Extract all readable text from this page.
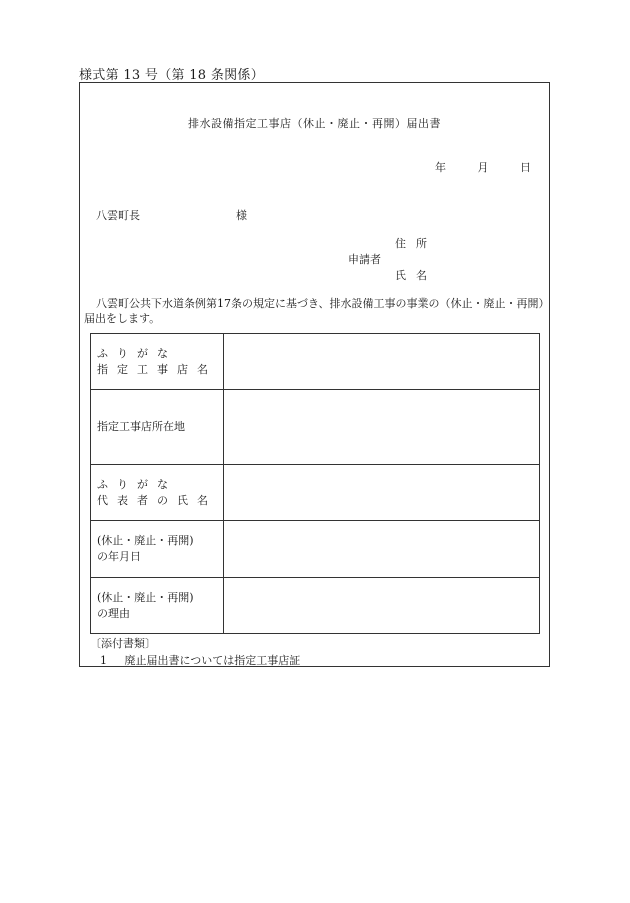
様式第 13 号（第 18 条関係）
排水設備指定工事店（休止・廃止・再開）届出書
年	月	日
八雲町長	様
住所
申請者
氏名
八雲町公共下水道条例第17条の規定に基づき、排水設備工事の事業の（休止・廃止・再開）届出をします。
ふりがな
指定工事店名	

指定工事店所在地	

ふりがな
代表者の氏名	

(休止・廃止・再開)
の年月日	

(休止・廃止・再開)
の理由	

〔添付書類〕
1 廃止届出書については指定工事店証
